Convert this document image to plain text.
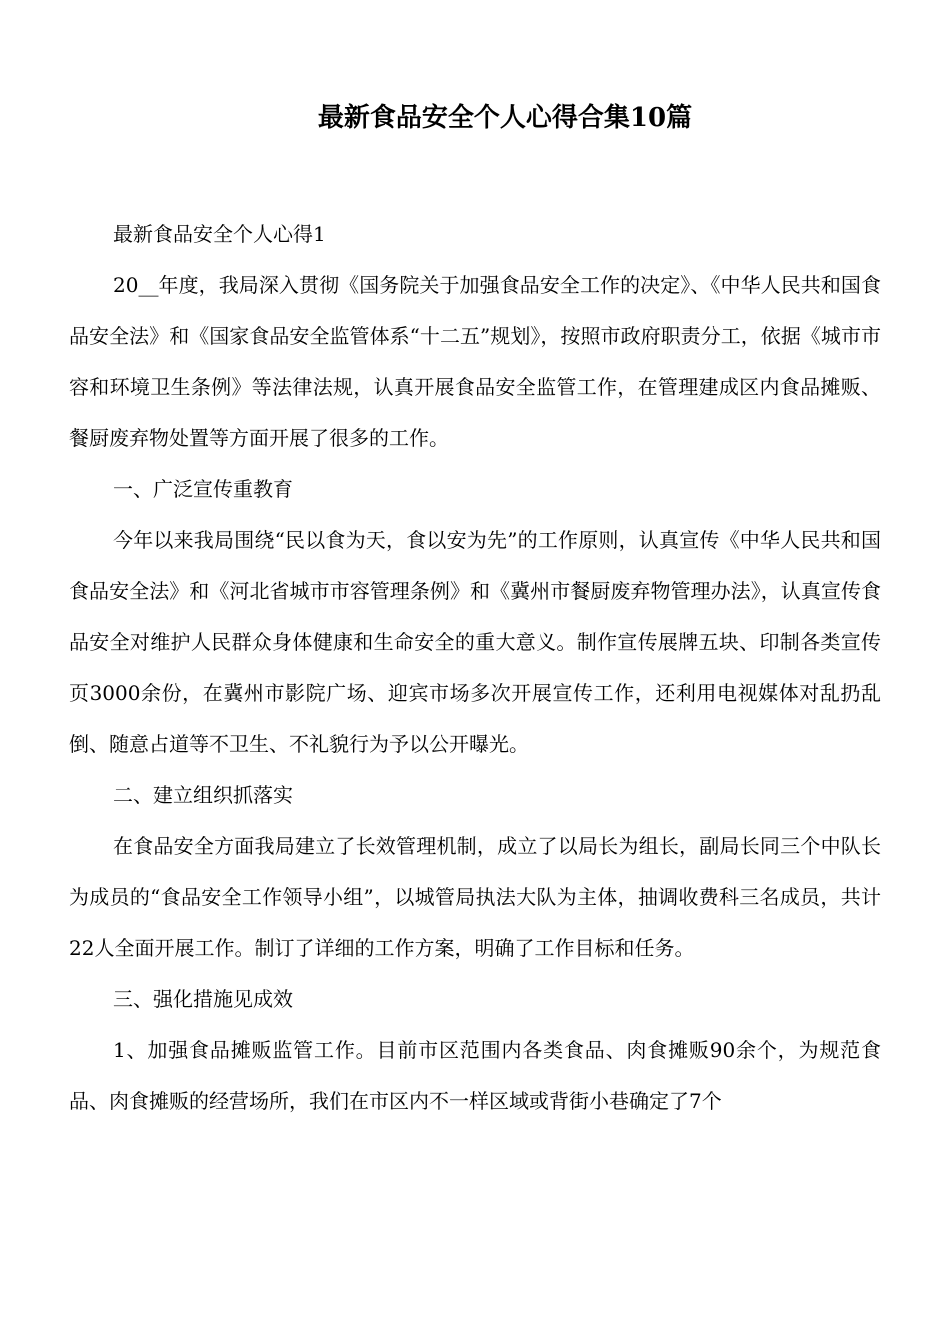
最新食品安全个人心得合集10篇

最新食品安全个人心得1

20__年度，我局深入贯彻《国务院关于加强食品安全工作的决定》、《中华人民共和国食品安全法》和《国家食品安全监管体系“十二五”规划》，按照市政府职责分工，依据《城市市容和环境卫生条例》等法律法规，认真开展食品安全监管工作，在管理建成区内食品摊贩、餐厨废弃物处置等方面开展了很多的工作。

一、广泛宣传重教育

今年以来我局围绕“民以食为天，食以安为先”的工作原则，认真宣传《中华人民共和国食品安全法》和《河北省城市市容管理条例》和《冀州市餐厨废弃物管理办法》，认真宣传食品安全对维护人民群众身体健康和生命安全的重大意义。制作宣传展牌五块、印制各类宣传页3000余份，在冀州市影院广场、迎宾市场多次开展宣传工作，还利用电视媒体对乱扔乱倒、随意占道等不卫生、不礼貌行为予以公开曝光。

二、建立组织抓落实

在食品安全方面我局建立了长效管理机制，成立了以局长为组长，副局长同三个中队长为成员的“食品安全工作领导小组”，以城管局执法大队为主体，抽调收费科三名成员，共计22人全面开展工作。制订了详细的工作方案，明确了工作目标和任务。

三、强化措施见成效

1、加强食品摊贩监管工作。目前市区范围内各类食品、肉食摊贩90余个，为规范食品、肉食摊贩的经营场所，我们在市区内不一样区域或背街小巷确定了7个
